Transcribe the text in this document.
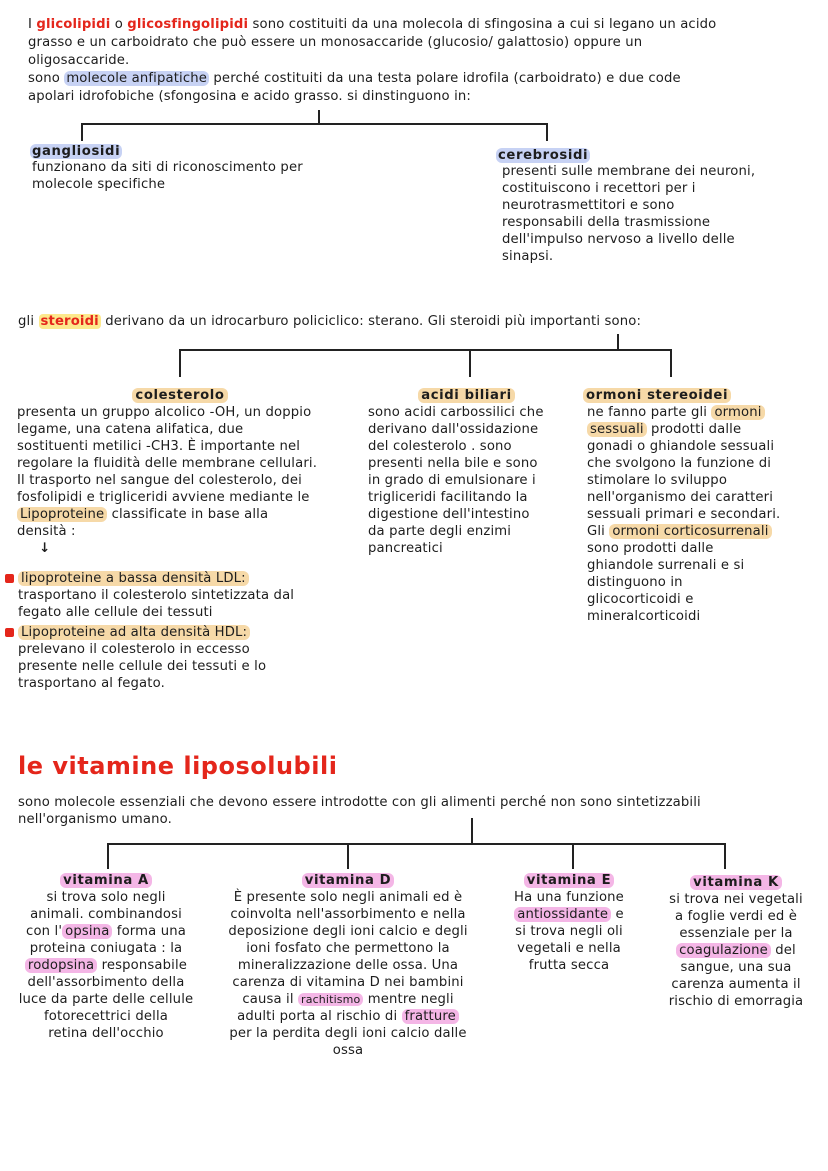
I glicolipidi o glicosfingolipidi sono costituiti da una molecola di sfingosina a cui si legano un acido
grasso e un carboidrato che può essere un monosaccaride (glucosio/ galattosio) oppure un
oligosaccaride.
sono molecole anfipatiche perché costituiti da una testa polare idrofila (carboidrato) e due code
apolari idrofobiche (sfongosina e acido grasso. si dinstinguono in:
gangliosidi
funzionano da siti di riconoscimento per
molecole specifiche
cerebrosidi
presenti sulle membrane dei neuroni,
costituiscono i recettori per i
neurotrasmettitori e sono
responsabili della trasmissione
dell'impulso nervoso a livello delle
sinapsi.
gli steroidi derivano da un idrocarburo policiclico: sterano. Gli steroidi più importanti sono:
colesterolo
presenta un gruppo alcolico -OH, un doppio
legame, una catena alifatica, due
sostituenti metilici -CH3. È importante nel
regolare la fluidità delle membrane cellulari.
Il trasporto nel sangue del colesterolo, dei
fosfolipidi e trigliceridi avviene mediante le
Lipoproteine classificate in base alla
densità :
↓
lipoproteine a bassa densità LDL:
trasportano il colesterolo sintetizzata dal
fegato alle cellule dei tessuti
Lipoproteine ad alta densità HDL:
prelevano il colesterolo in eccesso
presente nelle cellule dei tessuti e lo
trasportano al fegato.
acidi biliari
sono acidi carbossilici che
derivano dall'ossidazione
del colesterolo . sono
presenti nella bile e sono
in grado di emulsionare i
trigliceridi facilitando la
digestione dell'intestino
da parte degli enzimi
pancreatici
ormoni stereoidei
ne fanno parte gli ormoni
sessuali prodotti dalle
gonadi o ghiandole sessuali
che svolgono la funzione di
stimolare lo sviluppo
nell'organismo dei caratteri
sessuali primari e secondari.
Gli ormoni corticosurrenali
sono prodotti dalle
ghiandole surrenali e si
distinguono in
glicocorticoidi e
mineralcorticoidi
le vitamine liposolubili
sono molecole essenziali che devono essere introdotte con gli alimenti perché non sono sintetizzabili
nell'organismo umano.
vitamina A
si trova solo negli
animali. combinandosi
con l' opsina forma una
proteina coniugata : la
rodopsina responsabile
dell'assorbimento della
luce da parte delle cellule
fotorecettrici della
retina dell'occhio
vitamina D
È presente solo negli animali ed è
coinvolta nell'assorbimento e nella
deposizione degli ioni calcio e degli
ioni fosfato che permettono la
mineralizzazione delle ossa. Una
carenza di vitamina D nei bambini
causa il rachitismo mentre negli
adulti porta al rischio di fratture
per la perdita degli ioni calcio dalle
ossa
vitamina E
Ha una funzione
antiossidante e
si trova negli oli
vegetali e nella
frutta secca
vitamina K
si trova nei vegetali
a foglie verdi ed è
essenziale per la
coagulazione del
sangue, una sua
carenza aumenta il
rischio di emorragia
